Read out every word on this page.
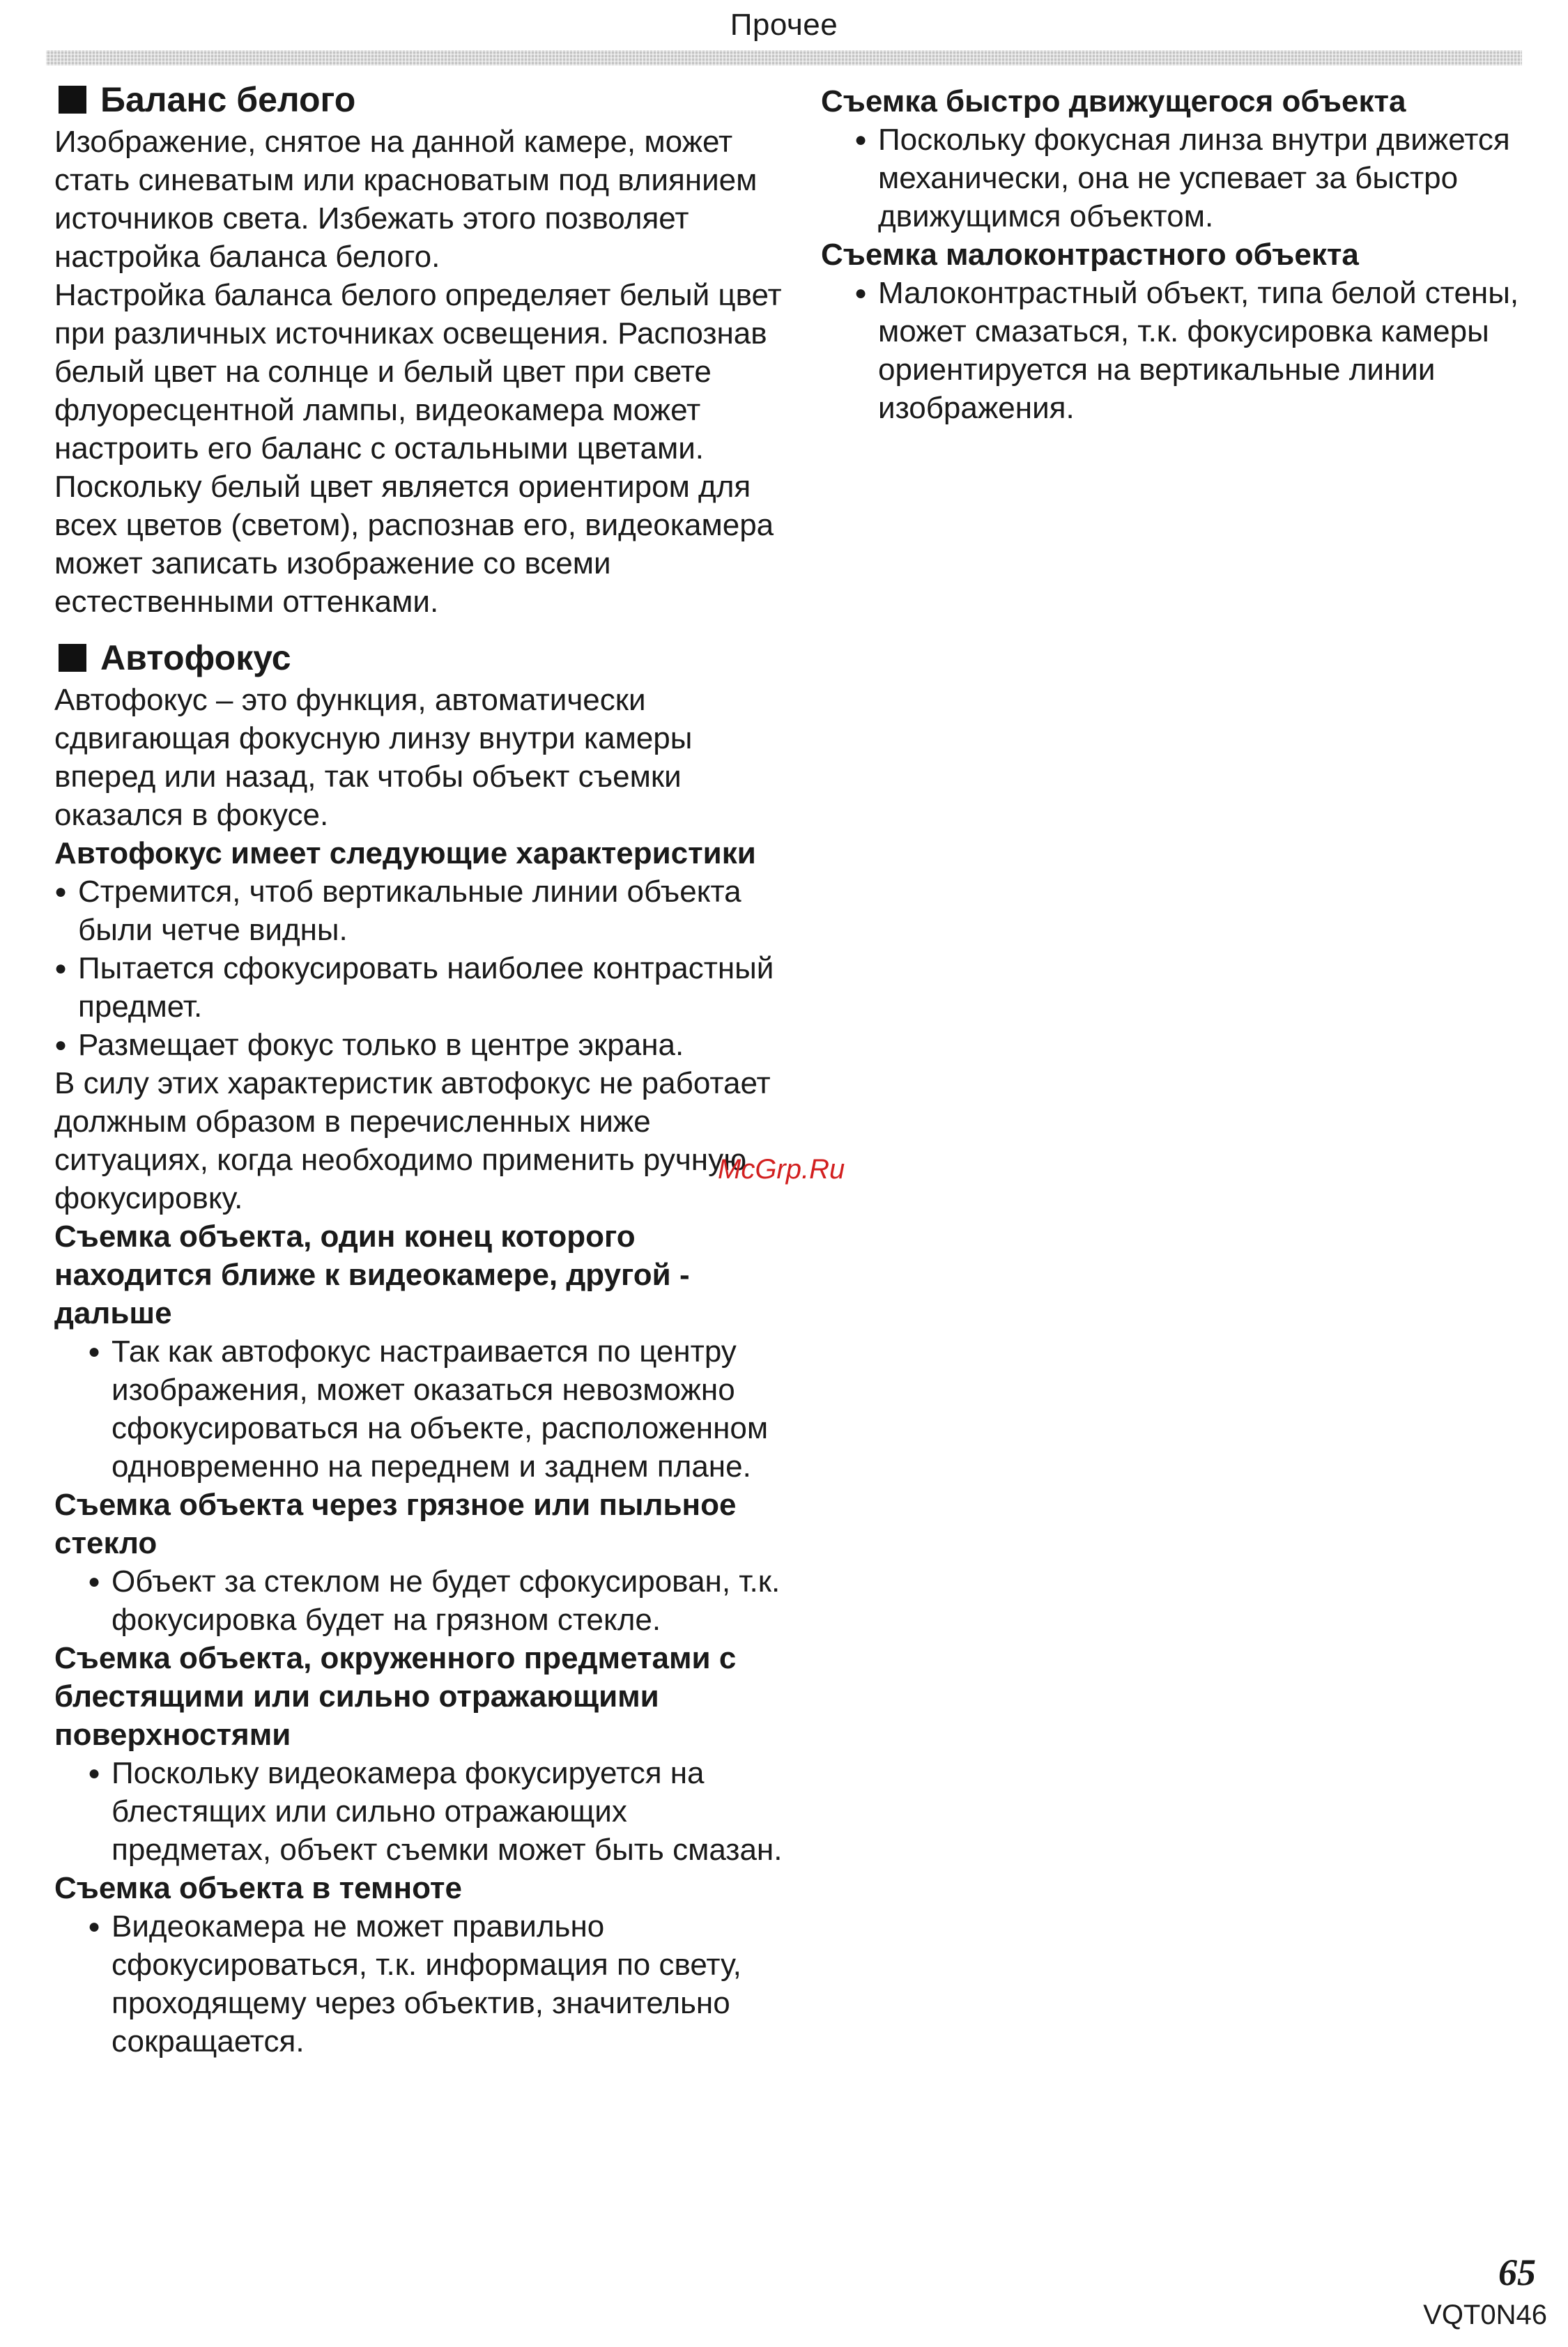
Прочее
Баланс белого

Изображение, снятое на данной камере, может стать синеватым или красноватым под влиянием источников света. Избежать этого позволяет настройка баланса белого.

Настройка баланса белого определяет белый цвет при различных источниках освещения. Распознав белый цвет на солнце и белый цвет при свете флуоресцентной лампы, видеокамера может настроить его баланс с остальными цветами.

Поскольку белый цвет является ориентиром для всех цветов (светом), распознав его, видеокамера может записать изображение со всеми естественными оттенками.

Автофокус

Автофокус – это функция, автоматически сдвигающая фокусную линзу внутри камеры вперед или назад, так чтобы объект съемки оказался в фокусе.

Автофокус имеет следующие характеристики

● Стремится, чтоб вертикальные линии объекта были четче видны.

● Пытается сфокусировать наиболее контрастный предмет.

● Размещает фокус только в центре экрана.

В силу этих характеристик автофокус не работает должным образом в перечисленных ниже ситуациях, когда необходимо применить ручную фокусировку.

Съемка объекта, один конец которого находится ближе к видеокамере, другой - дальше

● Так как автофокус настраивается по центру изображения, может оказаться невозможно сфокусироваться на объекте, расположенном одновременно на переднем и заднем плане.

Съемка объекта через грязное или пыльное стекло

● Объект за стеклом не будет сфокусирован, т.к. фокусировка будет на грязном стекле.

Съемка объекта, окруженного предметами с блестящими или сильно отражающими поверхностями

● Поскольку видеокамера фокусируется на блестящих или сильно отражающих предметах, объект съемки может быть смазан.

Съемка объекта в темноте

● Видеокамера не может правильно сфокусироваться, т.к. информация по свету, проходящему через объектив, значительно сокращается.

Съемка быстро движущегося объекта

● Поскольку фокусная линза внутри движется механически, она не успевает за быстро движущимся объектом.

Съемка малоконтрастного объекта

● Малоконтрастный объект, типа белой стены, может смазаться, т.к. фокусировка камеры ориентируется на вертикальные линии изображения.

McGrp.Ru
65
VQT0N46
